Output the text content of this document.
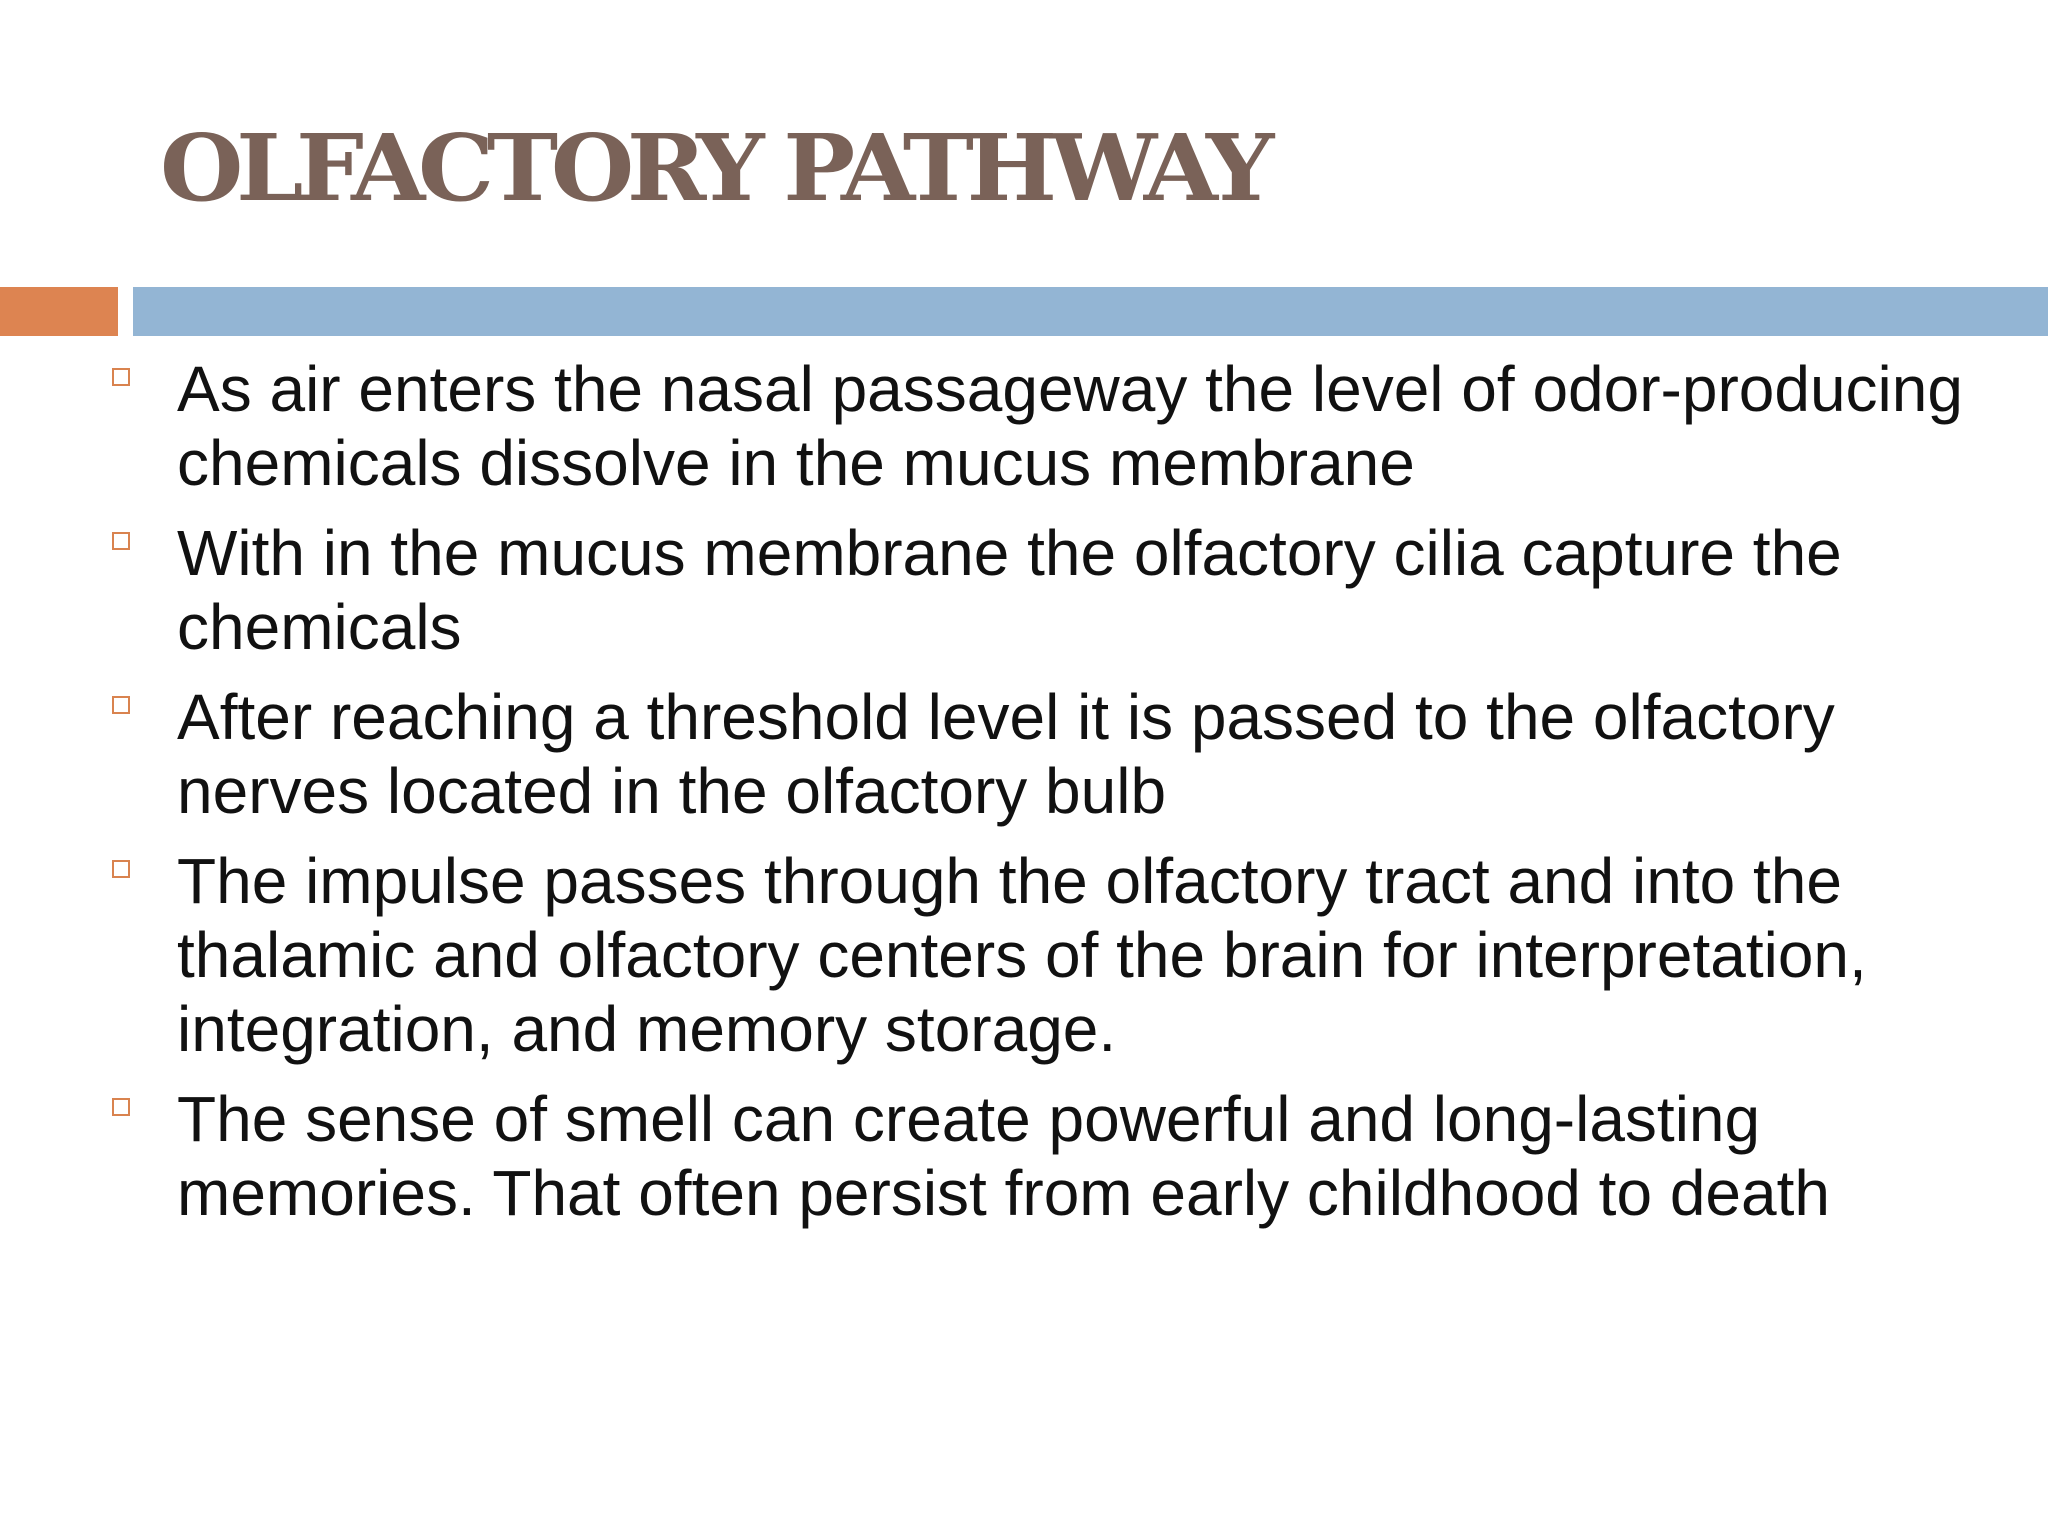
OLFACTORY PATHWAY
As air enters the nasal passageway the level of odor-producing chemicals dissolve in the mucus membrane
With in the mucus membrane the olfactory cilia capture the chemicals
After reaching a threshold level it is passed to the olfactory nerves located in the olfactory bulb
The impulse passes through the olfactory tract and into the thalamic and olfactory centers of the brain for interpretation, integration, and memory storage.
The sense of smell can create powerful and long-lasting memories. That often persist from early childhood to death
